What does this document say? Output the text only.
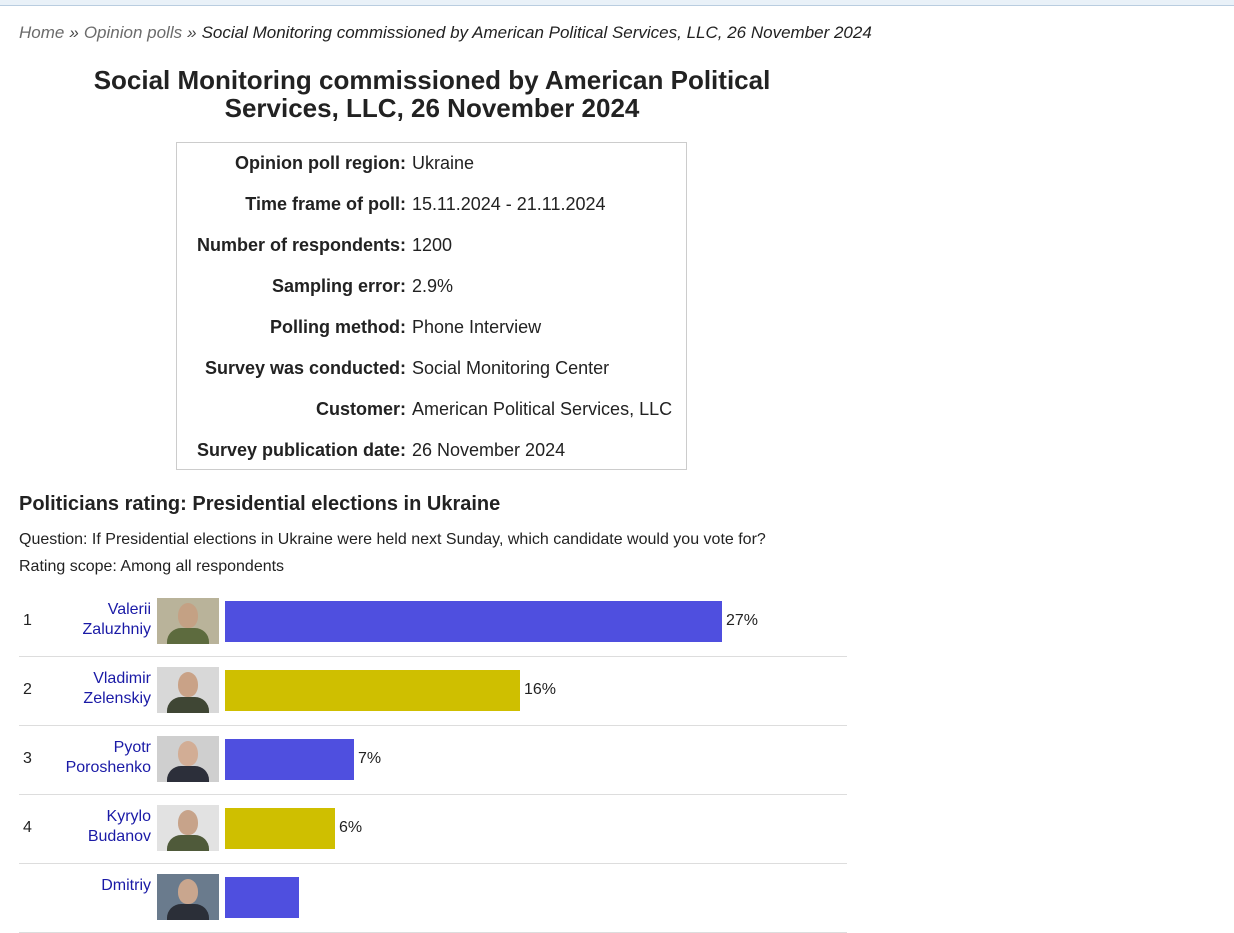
Home » Opinion polls » Social Monitoring commissioned by American Political Services, LLC, 26 November 2024
Social Monitoring commissioned by American Political Services, LLC, 26 November 2024
Opinion poll region: Ukraine
Time frame of poll: 15.11.2024 - 21.11.2024
Number of respondents: 1200
Sampling error: 2.9%
Polling method: Phone Interview
Survey was conducted: Social Monitoring Center
Customer: American Political Services, LLC
Survey publication date: 26 November 2024
Politicians rating: Presidential elections in Ukraine
Question: If Presidential elections in Ukraine were held next Sunday, which candidate would you vote for?
Rating scope: Among all respondents
1
Valerii
Zaluzhniy
27%
2
Vladimir
Zelenskiy
16%
3
Pyotr
Poroshenko
7%
4
Kyrylo
Budanov
6%
Dmitriy
